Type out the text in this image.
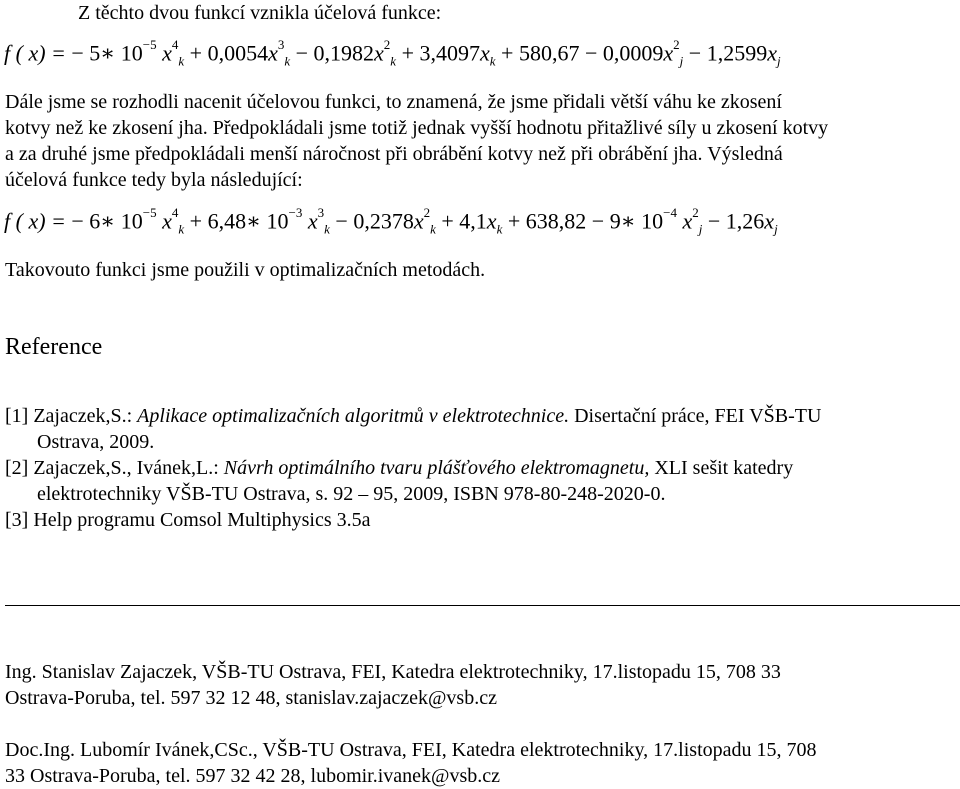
Z těchto dvou funkcí vznikla účelová funkce:
f ( x) = − 5∗ $10^{-5}$ $x^4_k + 0,0054x^3_k - 0,1982x^2_k + 3,4097x_k + 580,67 - 0,0009x^2_j - 1,2599x_j$
Dále jsme se rozhodli nacenit účelovou funkci, to znamená, že jsme přidali větší váhu ke zkosení
kotvy než ke zkosení jha. Předpokládali jsme totiž jednak vyšší hodnotu přitažlivé síly u zkosení kotvy
a za druhé jsme předpokládali menší náročnost při obrábění kotvy než při obrábění jha. Výsledná
účelová funkce tedy byla následující:
f ( x) = − 6∗ $10^{-5}$ $x^4_k$ + 6,48∗ $10^{-3}$ $x^3_k - 0,2378x^2_k + 4,1x_k + 638,82$ − 9∗ $10^{-4}$ $x^2_j - 1,26x_j$
Takovouto funkci jsme použili v optimalizačních metodách.
Reference
[1] Zajaczek,S.: Aplikace optimalizačních algoritmů v elektrotechnice. Disertační práce, FEI VŠB-TU
Ostrava, 2009.
[2] Zajaczek,S., Ivánek,L.: Návrh optimálního tvaru plášťového elektromagnetu, XLI sešit katedry
elektrotechniky VŠB-TU Ostrava, s. 92 – 95, 2009, ISBN 978-80-248-2020-0.
[3] Help programu Comsol Multiphysics 3.5a
Ing. Stanislav Zajaczek, VŠB-TU Ostrava, FEI, Katedra elektrotechniky, 17.listopadu 15, 708 33
Ostrava-Poruba, tel. 597 32 12 48, stanislav.zajaczek@vsb.cz
Doc.Ing. Lubomír Ivánek,CSc., VŠB-TU Ostrava, FEI, Katedra elektrotechniky, 17.listopadu 15, 708
33 Ostrava-Poruba, tel. 597 32 42 28, lubomir.ivanek@vsb.cz
